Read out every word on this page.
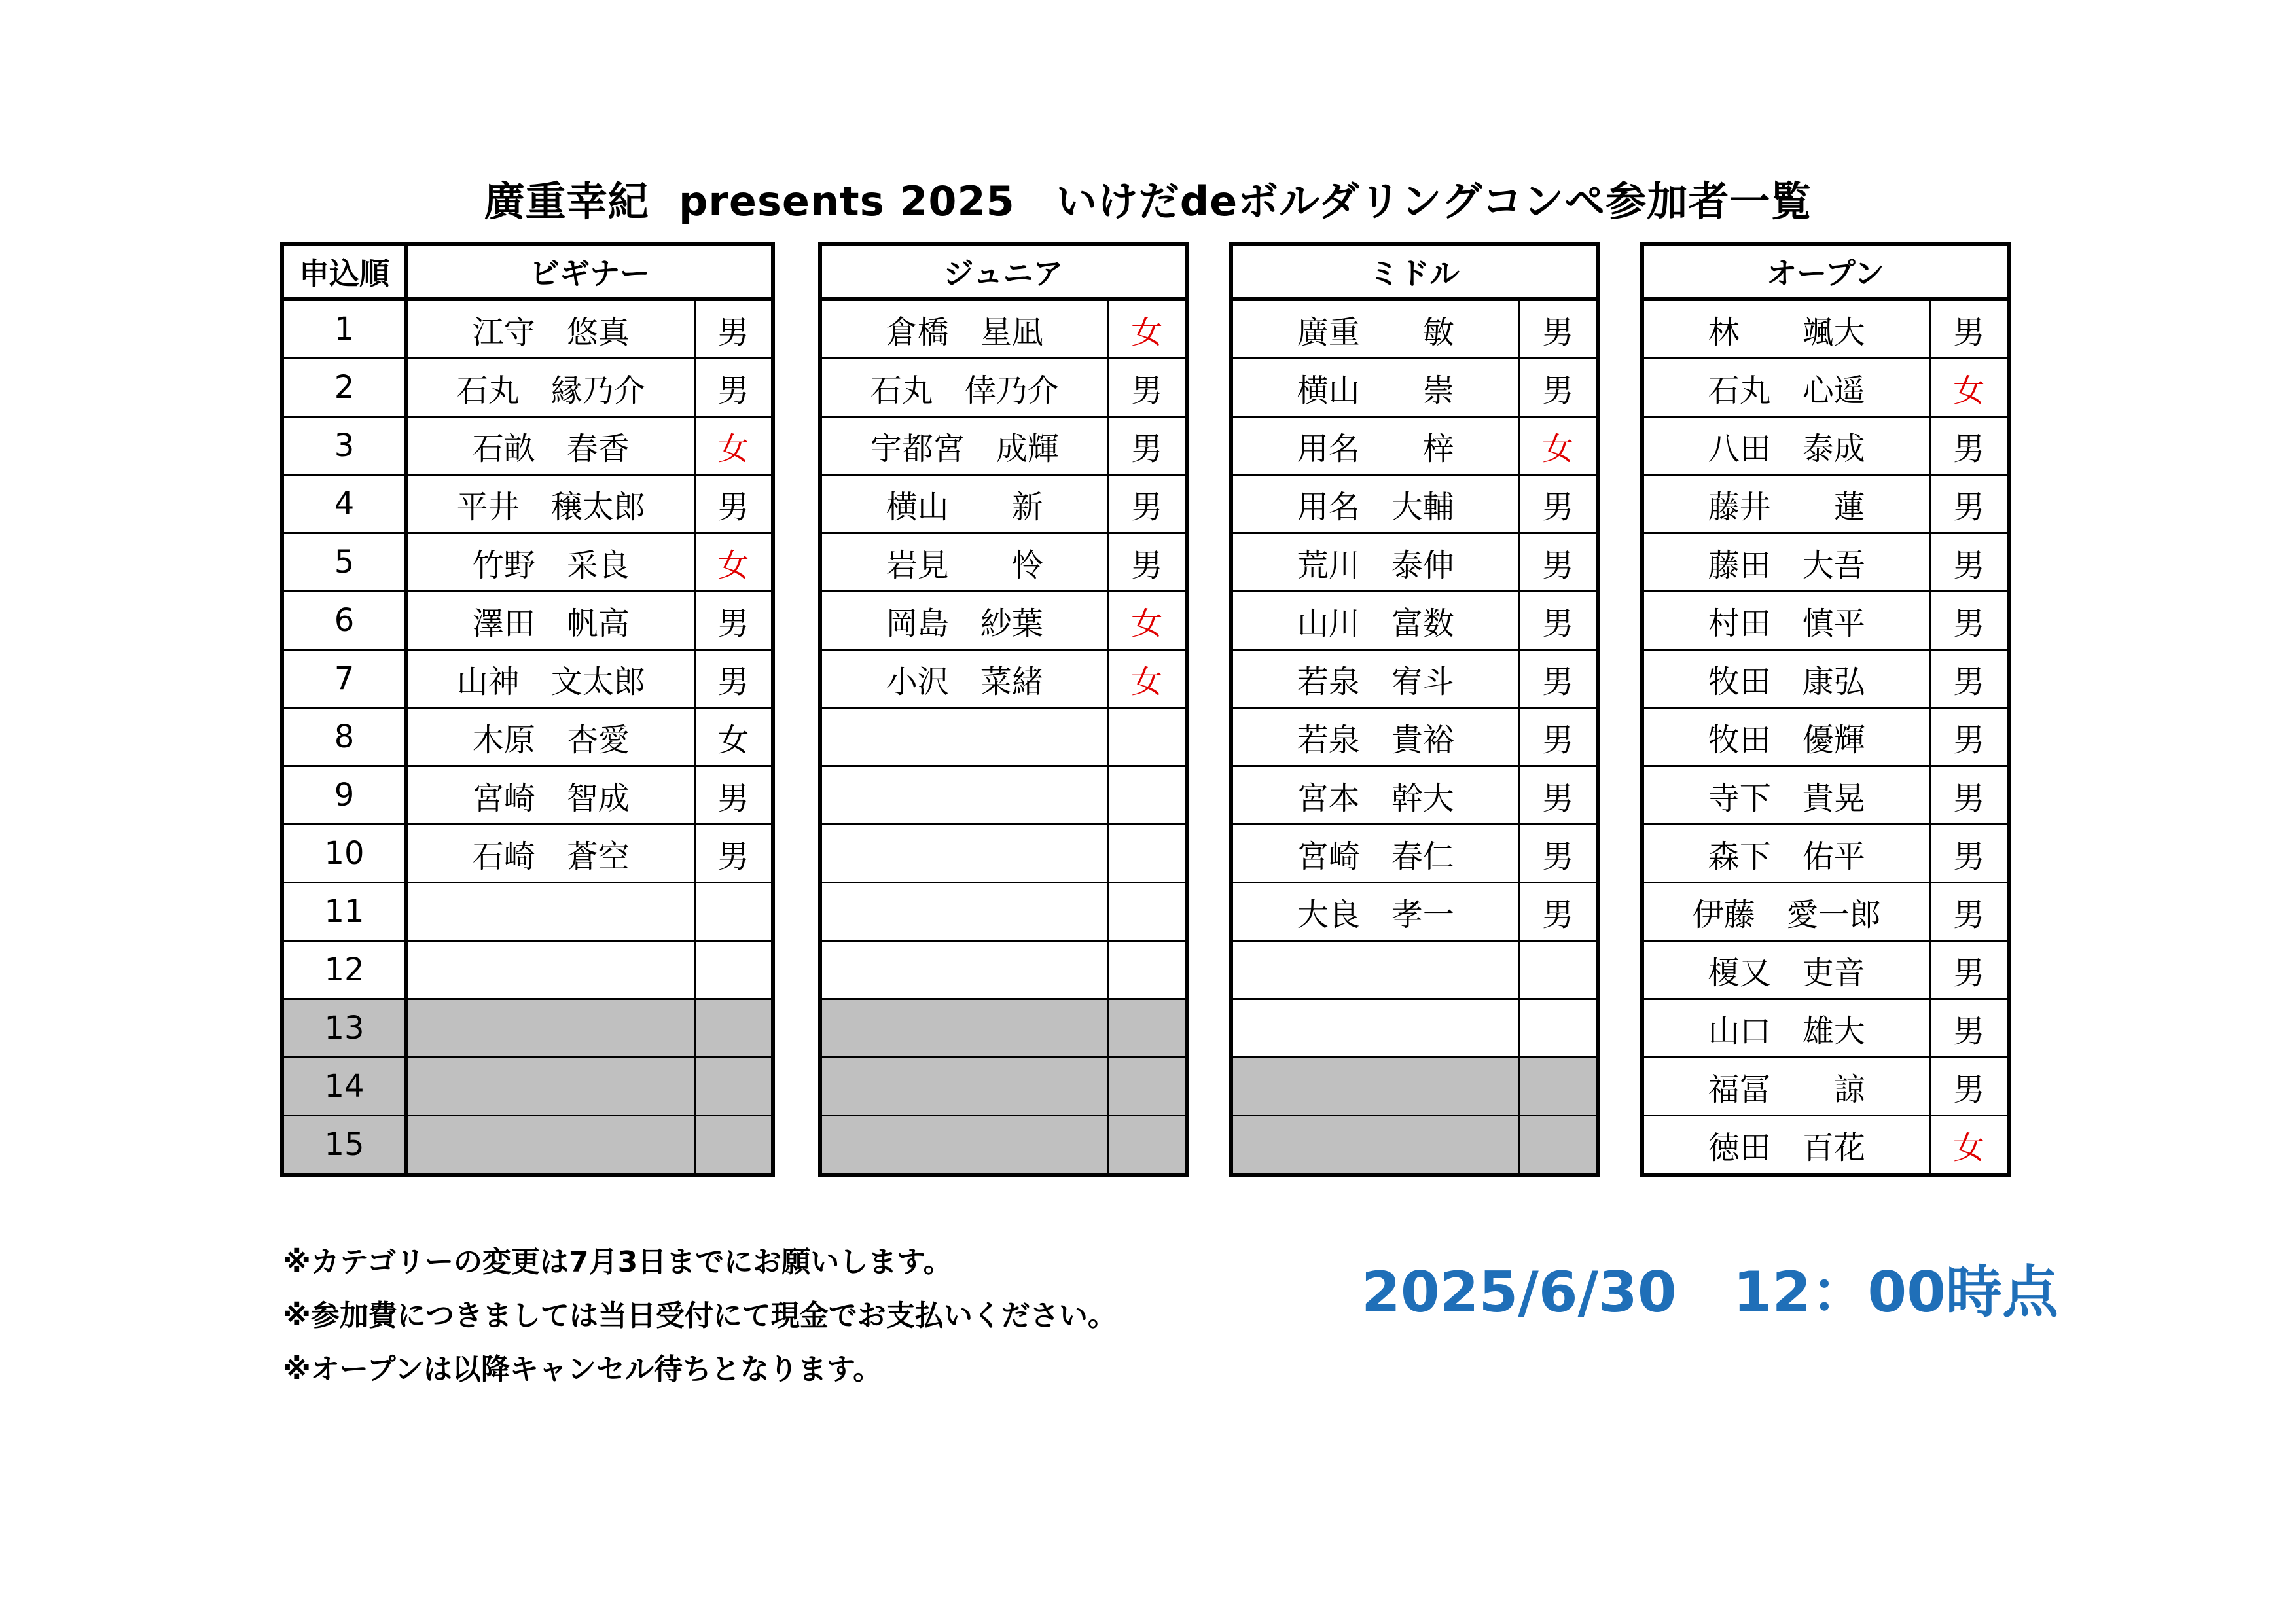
廣重幸紀  presents 2025　いけだdeボルダリングコンペ参加者一覧
申込順	ビギナー	
1	江守　悠真	男
2	石丸　縁乃介	男
3	石畝　春香	女
4	平井　穣太郎	男
5	竹野　采良	女
6	澤田　帆高	男
7	山神　文太郎	男
8	木原　杏愛	女
9	宮崎　智成	男
10	石崎　蒼空	男
11		
12		
13		
14		
15		
ジュニア	
倉橋　星凪	女
石丸　倖乃介	男
宇都宮　成輝	男
横山　　新	男
岩見　　怜	男
岡島　紗葉	女
小沢　菜緒	女

ミドル	
廣重　　敏	男
横山　　崇	男
用名　　梓	女
用名　大輔	男
荒川　泰伸	男
山川　富数	男
若泉　宥斗	男
若泉　貴裕	男
宮本　幹大	男
宮崎　春仁	男
大良　孝一	男

オープン	
林　　颯大	男
石丸　心遥	女
八田　泰成	男
藤井　　蓮	男
藤田　大吾	男
村田　慎平	男
牧田　康弘	男
牧田　優輝	男
寺下　貴晃	男
森下　佑平	男
伊藤　愛一郎	男
榎又　吏音	男
山口　雄大	男
福冨　　諒	男
徳田　百花	女
※カテゴリーの変更は7月3日までにお願いします。
※参加費につきましては当日受付にて現金でお支払いください。
※オープンは以降キャンセル待ちとなります。
2025/6/30　12：00時点
